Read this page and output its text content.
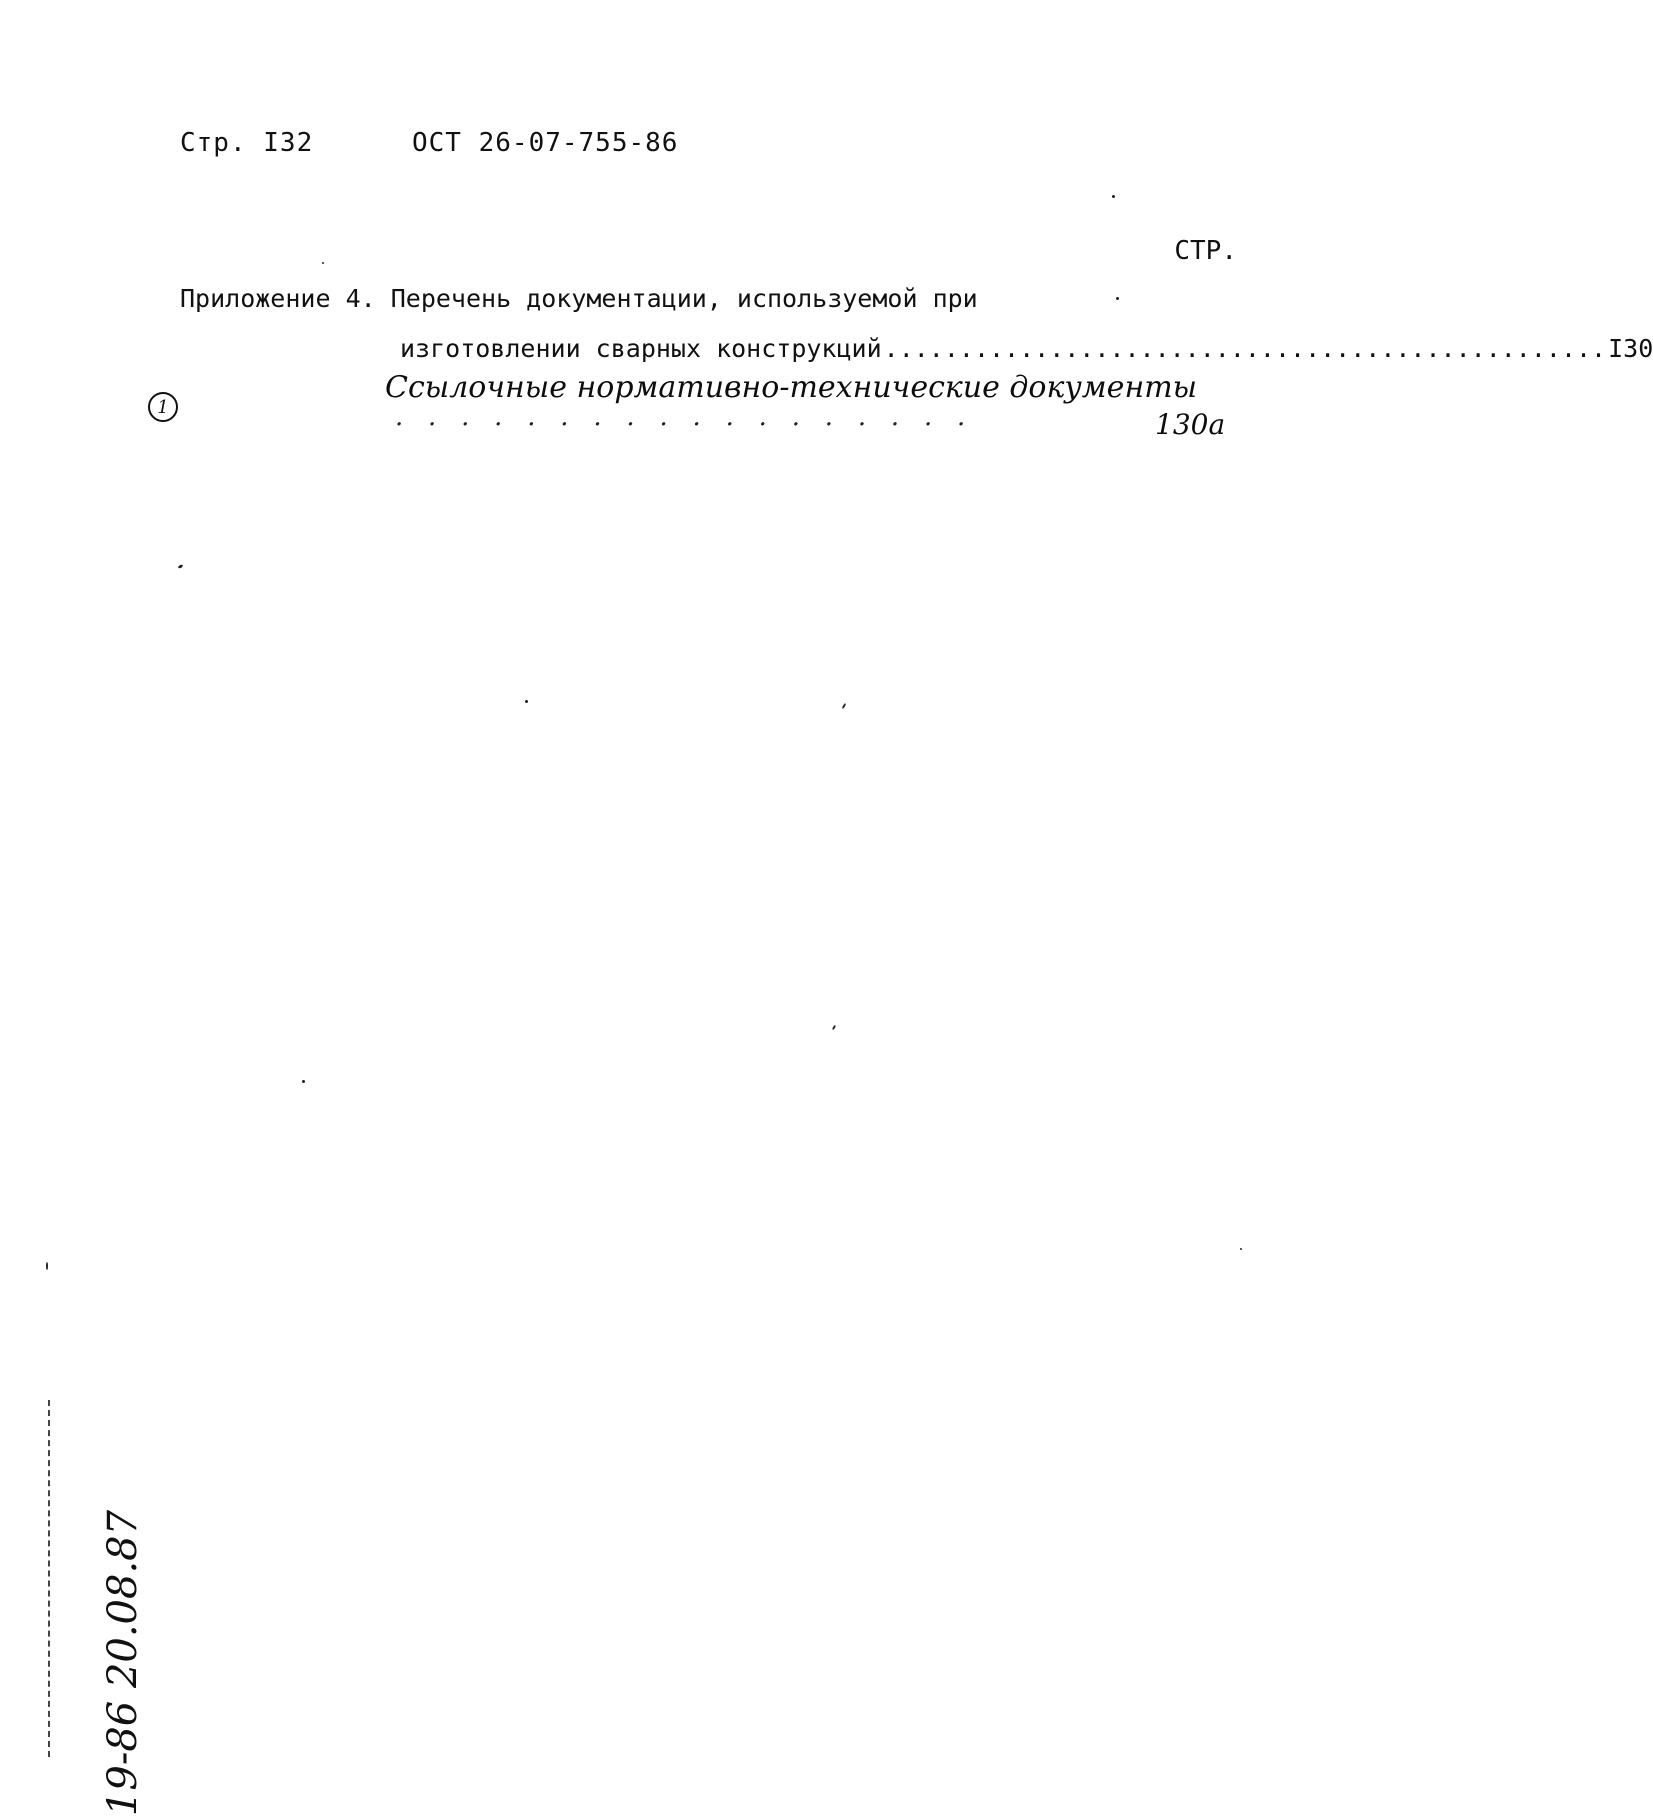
Стр. I32	ОСТ 26-07-755-86
СТР.
Приложение 4. Перечень документации, используемой при
изготовлении сварных конструкций ................................................ I30
1
Ссылочные нормативно-технические документы
·   ·   ·   ·   ·   ·   ·   ·   ·   ·   ·   ·   ·   ·   ·   ·   ·   ·	130а
19-86 20.08.87
